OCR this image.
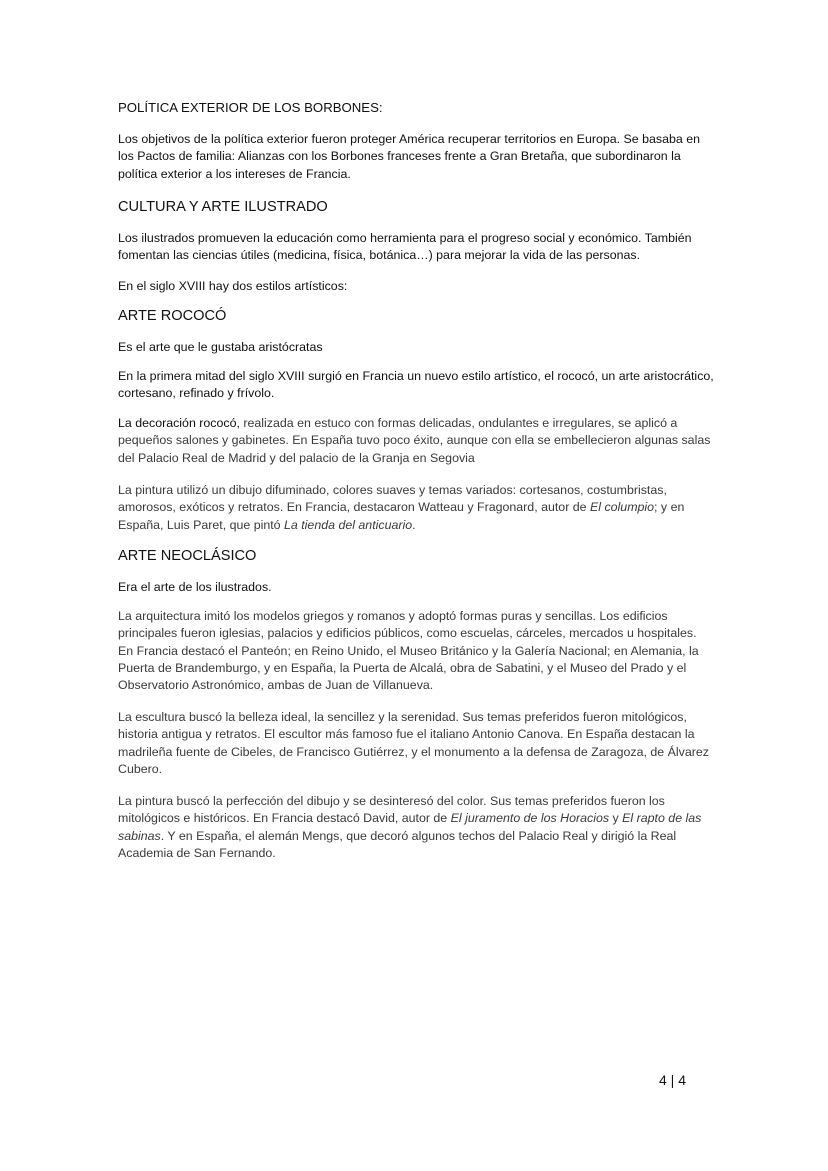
POLÍTICA EXTERIOR DE LOS BORBONES:
Los objetivos de la política exterior fueron proteger América recuperar territorios en Europa. Se basaba en los Pactos de familia: Alianzas con los Borbones franceses frente a Gran Bretaña, que subordinaron la política exterior a los intereses de Francia.
CULTURA Y ARTE ILUSTRADO
Los ilustrados promueven la educación como herramienta para el progreso social y económico. También fomentan las ciencias útiles (medicina, física, botánica…) para mejorar la vida de las personas.
En el siglo XVIII hay dos estilos artísticos:
ARTE ROCOCÓ
Es el arte que le gustaba aristócratas
En la primera mitad del siglo XVIII surgió en Francia un nuevo estilo artístico, el rococó, un arte aristocrático, cortesano, refinado y frívolo.
La decoración rococó, realizada en estuco con formas delicadas, ondulantes e irregulares, se aplicó a pequeños salones y gabinetes. En España tuvo poco éxito, aunque con ella se embellecieron algunas salas del Palacio Real de Madrid y del palacio de la Granja en Segovia
La pintura utilizó un dibujo difuminado, colores suaves y temas variados: cortesanos, costumbristas, amorosos, exóticos y retratos. En Francia, destacaron Watteau y Fragonard, autor de El columpio; y en España, Luis Paret, que pintó La tienda del anticuario.
ARTE NEOCLÁSICO
Era el arte de los ilustrados.
La arquitectura imitó los modelos griegos y romanos y adoptó formas puras y sencillas. Los edificios principales fueron iglesias, palacios y edificios públicos, como escuelas, cárceles, mercados u hospitales. En Francia destacó el Panteón; en Reino Unido, el Museo Británico y la Galería Nacional; en Alemania, la Puerta de Brandemburgo, y en España, la Puerta de Alcalá, obra de Sabatini, y el Museo del Prado y el Observatorio Astronómico, ambas de Juan de Villanueva.
La escultura buscó la belleza ideal, la sencillez y la serenidad. Sus temas preferidos fueron mitológicos, historia antigua y retratos. El escultor más famoso fue el italiano Antonio Canova. En España destacan la madrileña fuente de Cibeles, de Francisco Gutiérrez, y el monumento a la defensa de Zaragoza, de Álvarez Cubero.
La pintura buscó la perfección del dibujo y se desinteresó del color. Sus temas preferidos fueron los mitológicos e históricos. En Francia destacó David, autor de El juramento de los Horacios y El rapto de las sabinas. Y en España, el alemán Mengs, que decoró algunos techos del Palacio Real y dirigió la Real Academia de San Fernando.
4 | 4
